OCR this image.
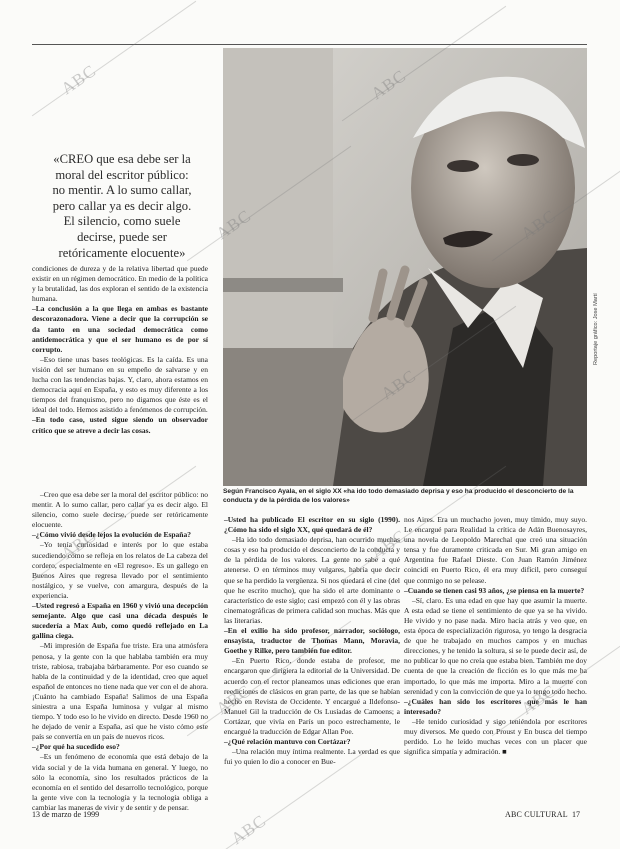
«CREO que esa debe ser la
moral del escritor público:
no mentir. A lo sumo callar,
pero callar ya es decir algo.
El silencio, como suele
decirse, puede ser
retóricamente elocuente»
Reportaje gráfico: Jose Martí
Según Francisco Ayala, en el siglo XX «ha ido todo demasiado deprisa y eso ha producido el desconcierto de la conducta y de la pérdida de los valores»

condiciones de dureza y de la relativa libertad que puede existir en un régimen democrático. En medio de la política y la brutalidad, las dos exploran el sentido de la existencia humana.

–La conclusión a la que llega en ambas es bastante descorazonadora. Viene a decir que la corrupción se da tanto en una sociedad democrática como antidemocrática y que el ser humano es de por sí corrupto.

–Eso tiene unas bases teológicas. Es la caída. Es una visión del ser humano en su empeño de salvarse y en lucha con las tendencias bajas. Y, claro, ahora estamos en democracia aquí en España, y esto es muy diferente a los tiempos del franquismo, pero no digamos que éste es el ideal del todo. Hemos asistido a fenómenos de corrupción.

–En todo caso, usted sigue siendo un observador crítico que se atreve a decir las cosas.

–Creo que esa debe ser la moral del escritor público: no mentir. A lo sumo callar, pero callar ya es decir algo. El silencio, como suele decirse, puede ser retóricamente elocuente.

–¿Cómo vivió desde lejos la evolución de España?

–Yo tenía curiosidad e interés por lo que estaba sucediendo como se refleja en los relatos de La cabeza del cordero, especialmente en «El regreso». Es un gallego en Buenos Aires que regresa llevado por el sentimiento nostálgico, y se vuelve, con amargura, después de la experiencia.

–Usted regresó a España en 1960 y vivió una decepción semejante. Algo que casi una década después le sucedería a Max Aub, como quedó reflejado en La gallina ciega.

–Mi impresión de España fue triste. Era una atmósfera penosa, y la gente con la que hablaba también era muy triste, rabiosa, trabajaba bárbaramente. Por eso cuando se habla de la continuidad y de la identidad, creo que aquel español de entonces no tiene nada que ver con el de ahora. ¡Cuánto ha cambiado España! Salimos de una España siniestra a una España luminosa y vulgar al mismo tiempo. Y todo eso lo he vivido en directo. Desde 1960 no he dejado de venir a España, así que he visto cómo este país se convertía en un país de nuevos ricos.

–¿Por qué ha sucedido eso?

–Es un fenómeno de economía que está debajo de la vida social y de la vida humana en general. Y luego, no sólo la economía, sino los resultados prácticos de la economía en el sentido del desarrollo tecnológico, porque la gente vive con la tecnología y la tecnología obliga a cambiar las maneras de vivir y de sentir y de pensar.

–Usted ha publicado El escritor en su siglo (1990). ¿Cómo ha sido el siglo XX, qué quedará de él?

–Ha ido todo demasiado deprisa, han ocurrido muchas cosas y eso ha producido el desconcierto de la conducta y de la pérdida de los valores. La gente no sabe a qué atenerse. O en términos muy vulgares, habría que decir que se ha perdido la vergüenza. Si nos quedará el cine (del que he escrito mucho), que ha sido el arte dominante o característico de este siglo; casi empezó con él y las obras cinematográficas de primera calidad son muchas. Más que las literarias.

–En el exilio ha sido profesor, narrador, sociólogo, ensayista, traductor de Thomas Mann, Moravia, Goethe y Rilke, pero también fue editor.

–En Puerto Rico, donde estaba de profesor, me encargaron que dirigiera la editorial de la Universidad. De acuerdo con el rector planeamos unas ediciones que eran reediciones de clásicos en gran parte, de las que se habían hecho en Revista de Occidente. Y encargué a Ildefonso-Manuel Gil la traducción de Os Lusíadas de Camoens; a Cortázar, que vivía en París un poco estrechamente, le encargué la traducción de Edgar Allan Poe.

–¿Qué relación mantuvo con Cortázar?

–Una relación muy íntima realmente. La verdad es que fui yo quien lo dio a conocer en Bue-

nos Aires. Era un muchacho joven, muy tímido, muy suyo. Le encargué para Realidad la crítica de Adán Buenosayres, una novela de Leopoldo Marechal que creó una situación tensa y fue duramente criticada en Sur. Mi gran amigo en Argentina fue Rafael Dieste. Con Juan Ramón Jiménez coincidí en Puerto Rico, él era muy difícil, pero conseguí que conmigo no se pelease.

–Cuando se tienen casi 93 años, ¿se piensa en la muerte?

–Sí, claro. Es una edad en que hay que asumir la muerte. A esta edad se tiene el sentimiento de que ya se ha vivido. He vivido y no pase nada. Miro hacia atrás y veo que, en esta época de especialización rigurosa, yo tengo la desgracia de que he trabajado en muchos campos y en muchas direcciones, y he tenido la soltura, si se le puede decir así, de no publicar lo que no creía que estaba bien. También me doy cuenta de que la creación de ficción es lo que más me ha importado, lo que más me importa. Miro a la muerte con serenidad y con la convicción de que ya lo tengo todo hecho.

–¿Cuáles han sido los escritores que más le han interesado?

–He tenido curiosidad y sigo teniéndola por escritores muy diversos. Me quedo con Proust y En busca del tiempo perdido. Lo he leído muchas veces con un placer que significa simpatía y admiración. ■

13 de marzo de 1999	ABC CULTURAL 17
ABC	ABC
ABC	ABC
ABC
ABC	ABC
ABC	ABC
ABC
